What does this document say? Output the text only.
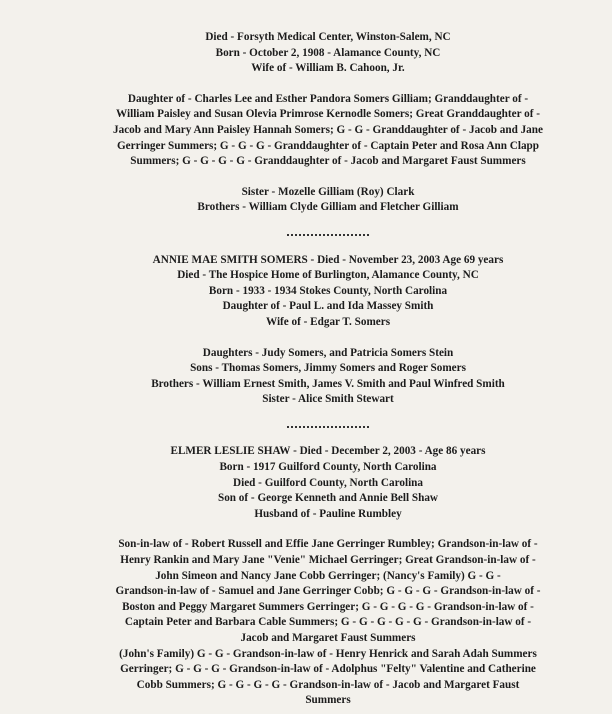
Died - Forsyth Medical Center, Winston-Salem, NC
Born - October 2, 1908 - Alamance County, NC
Wife of - William B. Cahoon, Jr.
Daughter of - Charles Lee and Esther Pandora Somers Gilliam; Granddaughter of -
William Paisley and Susan Olevia Primrose Kernodle Somers; Great Granddaughter of -
Jacob and Mary Ann Paisley Hannah Somers; G - G - Granddaughter of - Jacob and Jane
Gerringer Summers; G - G - G - Granddaughter of - Captain Peter and Rosa Ann Clapp
Summers; G - G - G - G - Granddaughter of - Jacob and Margaret Faust Summers
Sister - Mozelle Gilliam (Roy) Clark
Brothers - William Clyde Gilliam and Fletcher Gilliam
ANNIE MAE SMITH SOMERS - Died - November 23, 2003 Age 69 years
Died - The Hospice Home of Burlington, Alamance County, NC
Born - 1933 - 1934 Stokes County, North Carolina
Daughter of - Paul L. and Ida Massey Smith
Wife of - Edgar T. Somers
Daughters - Judy Somers, and Patricia Somers Stein
Sons - Thomas Somers, Jimmy Somers and Roger Somers
Brothers - William Ernest Smith, James V. Smith and Paul Winfred Smith
Sister - Alice Smith Stewart
ELMER LESLIE SHAW - Died - December 2, 2003 - Age 86 years
Born - 1917 Guilford County, North Carolina
Died - Guilford County, North Carolina
Son of - George Kenneth and Annie Bell Shaw
Husband of - Pauline Rumbley
Son-in-law of - Robert Russell and Effie Jane Gerringer Rumbley; Grandson-in-law of -
Henry Rankin and Mary Jane "Venie" Michael Gerringer; Great Grandson-in-law of -
John Simeon and Nancy Jane Cobb Gerringer; (Nancy's Family) G - G -
Grandson-in-law of - Samuel and Jane Gerringer Cobb; G - G - G - Grandson-in-law of -
Boston and Peggy Margaret Summers Gerringer; G - G - G - G - Grandson-in-law of -
Captain Peter and Barbara Cable Summers; G - G - G - G - G - Grandson-in-law of -
Jacob and Margaret Faust Summers
(John's Family) G - G - Grandson-in-law of - Henry Henrick and Sarah Adah Summers
Gerringer; G - G - G - Grandson-in-law of - Adolphus "Felty" Valentine and Catherine
Cobb Summers; G - G - G - G - Grandson-in-law of - Jacob and Margaret Faust
Summers
